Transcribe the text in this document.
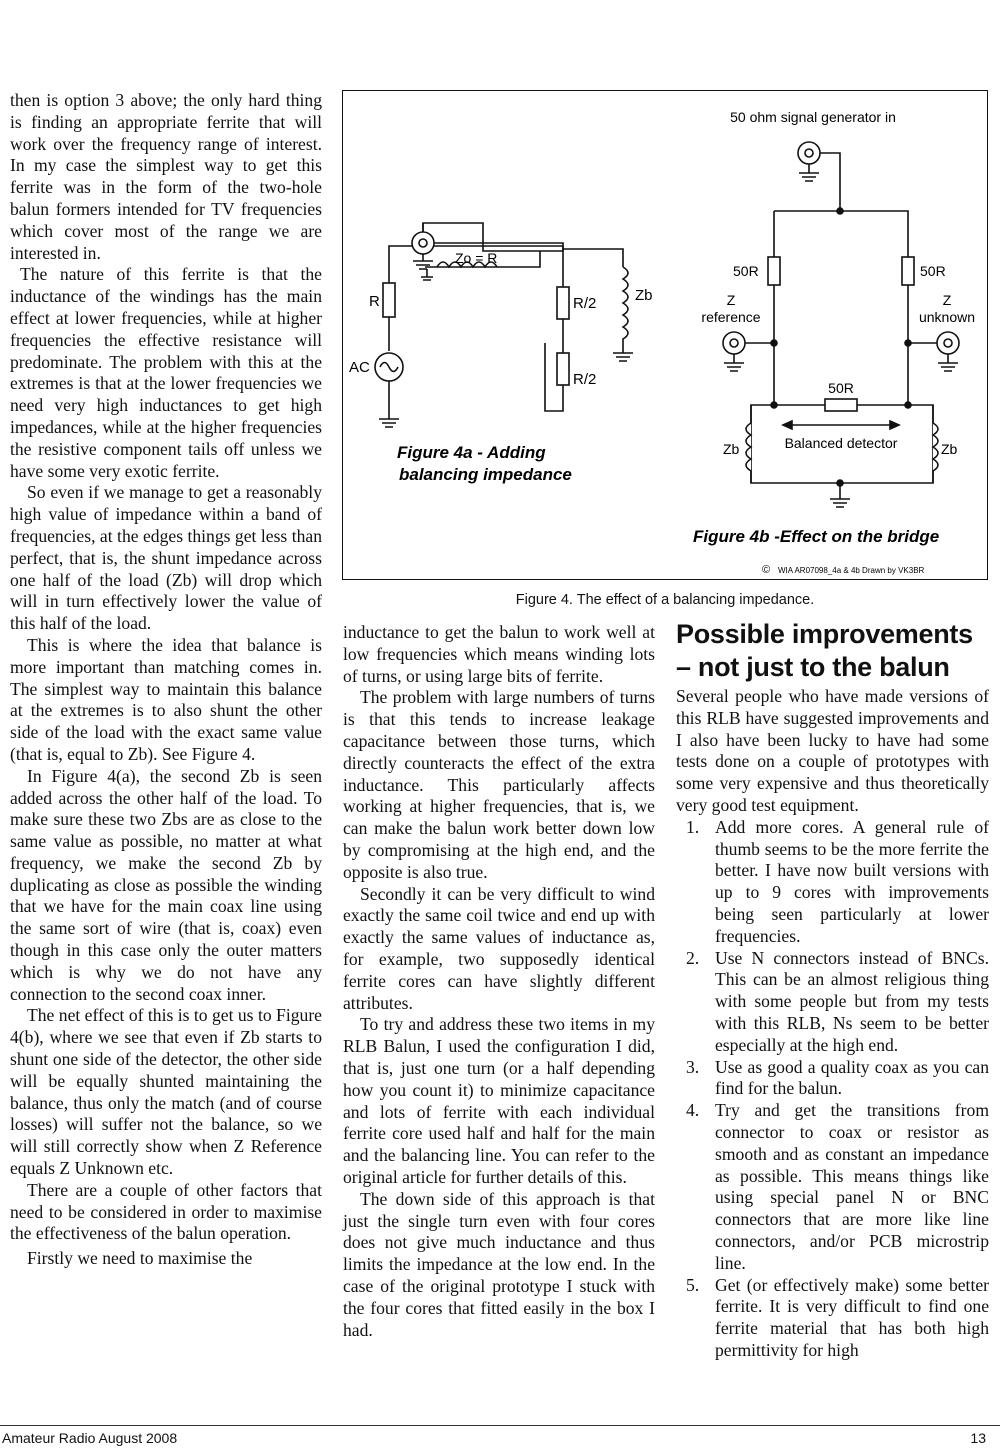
then is option 3 above; the only hard thing is finding an appropriate ferrite that will work over the frequency range of interest. In my case the simplest way to get this ferrite was in the form of the two-hole balun formers intended for TV frequencies which cover most of the range we are interested in.

The nature of this ferrite is that the inductance of the windings has the main effect at lower frequencies, while at higher frequencies the effective resistance will predominate. The problem with this at the extremes is that at the lower frequencies we need very high inductances to get high impedances, while at the higher frequencies the resistive component tails off unless we have some very exotic ferrite.

So even if we manage to get a reasonably high value of impedance within a band of frequencies, at the edges things get less than perfect, that is, the shunt impedance across one half of the load (Zb) will drop which will in turn effectively lower the value of this half of the load.

This is where the idea that balance is more important than matching comes in. The simplest way to maintain this balance at the extremes is to also shunt the other side of the load with the exact same value (that is, equal to Zb). See Figure 4.

In Figure 4(a), the second Zb is seen added across the other half of the load. To make sure these two Zbs are as close to the same value as possible, no matter at what frequency, we make the second Zb by duplicating as close as possible the winding that we have for the main coax line using the same sort of wire (that is, coax) even though in this case only the outer matters which is why we do not have any connection to the second coax inner.

The net effect of this is to get us to Figure 4(b), where we see that even if Zb starts to shunt one side of the detector, the other side will be equally shunted maintaining the balance, thus only the match (and of course losses) will suffer not the balance, so we will still correctly show when Z Reference equals Z Unknown etc.

There are a couple of other factors that need to be considered in order to maximise the effectiveness of the balun operation.

Firstly we need to maximise the

Zo = R
R
AC
R/2
R/2
Zb
Figure 4a - Adding
balancing impedance
50 ohm signal generator in
50R	50R
Z
reference
Z
unknown
50R
Balanced detector
Zb	Zb
Figure 4b -Effect on the bridge
© WIA AR07098_4a & 4b Drawn by VK3BR
Figure 4. The effect of a balancing impedance.

inductance to get the balun to work well at low frequencies which means winding lots of turns, or using large bits of ferrite.

The problem with large numbers of turns is that this tends to increase leakage capacitance between those turns, which directly counteracts the effect of the extra inductance. This particularly affects working at higher frequencies, that is, we can make the balun work better down low by compromising at the high end, and the opposite is also true.

Secondly it can be very difficult to wind exactly the same coil twice and end up with exactly the same values of inductance as, for example, two supposedly identical ferrite cores can have slightly different attributes.

To try and address these two items in my RLB Balun, I used the configuration I did, that is, just one turn (or a half depending how you count it) to minimize capacitance and lots of ferrite with each individual ferrite core used half and half for the main and the balancing line. You can refer to the original article for further details of this.

The down side of this approach is that just the single turn even with four cores does not give much inductance and thus limits the impedance at the low end. In the case of the original prototype I stuck with the four cores that fitted easily in the box I had.

Possible improvements
– not just to the balun

Several people who have made versions of this RLB have suggested improvements and I also have been lucky to have had some tests done on a couple of prototypes with some very expensive and thus theoretically very good test equipment.

1. Add more cores. A general rule of thumb seems to be the more ferrite the better. I have now built versions with up to 9 cores with improvements being seen particularly at lower frequencies.
2. Use N connectors instead of BNCs. This can be an almost religious thing with some people but from my tests with this RLB, Ns seem to be better especially at the high end.
3. Use as good a quality coax as you can find for the balun.
4. Try and get the transitions from connector to coax or resistor as smooth and as constant an impedance as possible. This means things like using special panel N or BNC connectors that are more like line connectors, and/or PCB microstrip line.
5. Get (or effectively make) some better ferrite. It is very difficult to find one ferrite material that has both high permittivity for high
Amateur Radio August 2008	13
